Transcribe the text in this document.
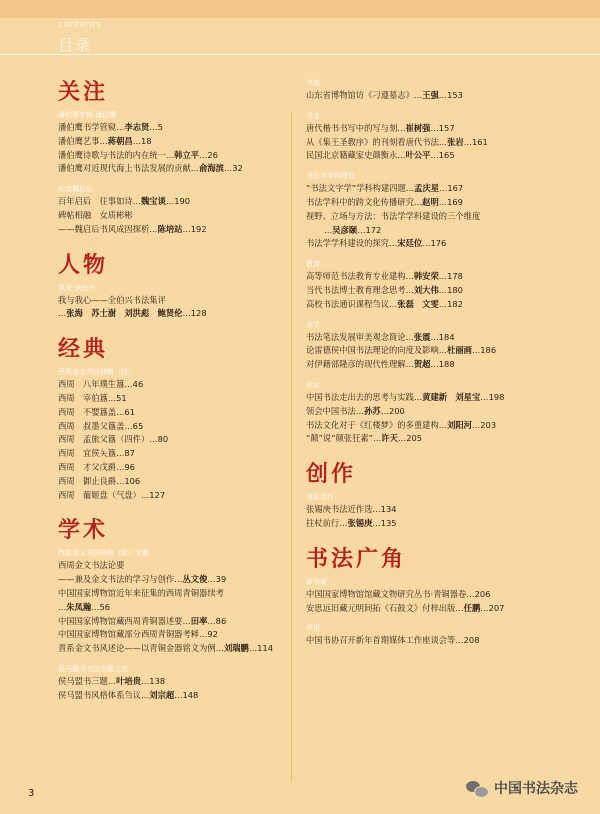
contents
目录
关注
潘伯鹰专辑·潘伯鹰
潘伯鹰书学管窥…李志贤…5
潘伯鹰艺事…蒋朝昌…18
潘伯鹰诗歌与书法的内在统一…韩立平…26
潘伯鹰对近现代海上书法发展的贡献…俞海滨…32
纪念魏启后
百年启后　往事如诗…魏宝谈…190
碑帖相融　女质彬彬
——魏启后书风成因探析…陈培站…192
人物
风采·全伯兴
我与我心——全伯兴书法集评
…张海　苏士澍　刘洪彪　鲍贤伦…128
经典
西周金文书法特辑（续）
西周　八年璞生簋…46
西周　宰伯簋…51
西周　不嬰簋盖…61
西周　叔墨父簋盖…65
西周　孟旅父簋（四件）…80
西周　宜侯夨簋…87
西周　才父戊爵…96
西周　御止良爵…106
西周　葡姬盘（气盘）…127
学术
西周金文书法特辑（续）文献
西周金文书法论要
——兼及金文书法的学习与创作…丛文俊…39
中国国家博物馆近年来征集的西周青铜器续考
…朱凤瀚…56
中国国家博物馆藏西周青铜器述要…田率…86
中国国家博物馆藏部分西周青铜器考释…92
晋系金文书风述论——以青铜金器铭文为例…刘瑞鹏…114
侯马盟书书法专题文丛
侯马盟书三题…叶培贵…138
侯马盟书风格体系刍议…刘宗超…148
书迹
山东省博物馆访《刁遵墓志》…王强…153
书史
唐代楷书书写中的写与刻…崔树强…157
从《集王圣教序》的刊刻看唐代书法…张岩…161
民国北京籍藏家史颜衡永…叶公平…165
书法学学科建设
“书法文字学”学科构建四题…孟庆星…167
书法学科中的跨文化传播研究…赵明…169
视野、立场与方法：书法学学科建设的三个维度
…吴彦颐…172
书法学学科建设的探究…宋廷位…176
教育
高等师范书法教育专业建构…韩安荣…178
当代书法博士教育理念思考…刘大伟…180
高校书法通识课程刍议…张磊　文雯…182
美学
书法笔法发展审美观念简论…张震…184
论雷德侯中国书法理论的向度及影响…杜丽画…186
对伊藉部隆彦的现代性理解…贺超…188
论坛
中国书法走出去的思考与实践…黄建新　刘星宝…198
领会中国书法…孙苏…200
书法文化对于《红楼梦》的多重建构…刘阳河…203
“颠”说“颠张狂素”…许天…205
创作
书家近作
张锡庚书法近作选…134
拄杖前行…张锡庚…135
书法广角
新书架
中国国家博物馆馆藏文物研究丛书·青铜器卷…206
安思远旧藏元明间拓《石鼓文》付梓出版…任鹏…207
资讯
中国书协召开新年首期媒体工作座谈会等…208
3	中国书法杂志
